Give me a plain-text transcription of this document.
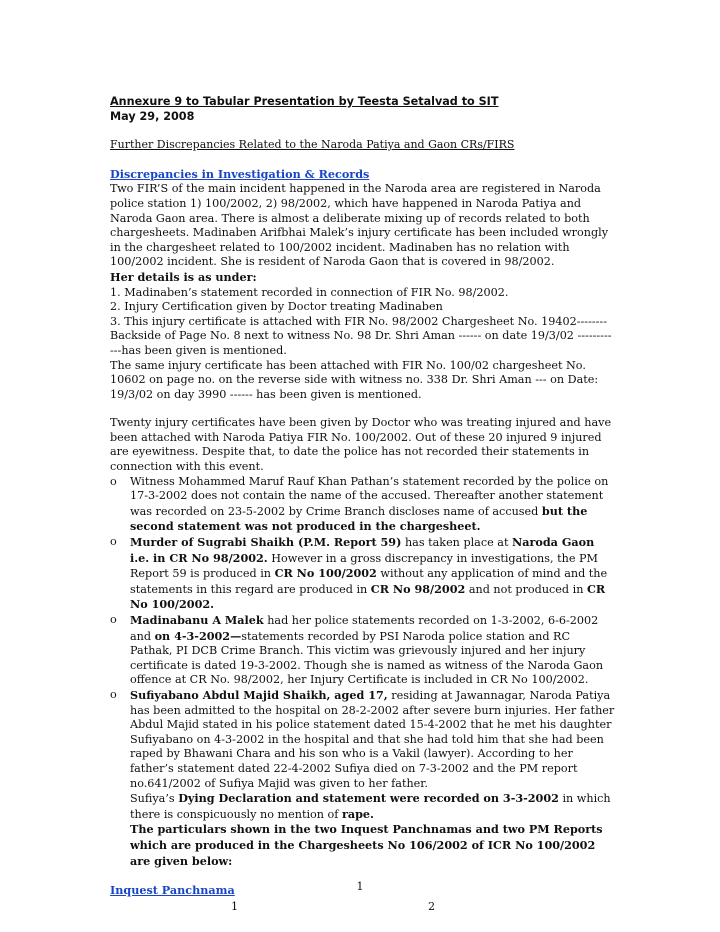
Annexure 9 to Tabular Presentation by Teesta Setalvad to SIT
May 29, 2008
Further Discrepancies Related to the Naroda Patiya and Gaon CRs/FIRS
Discrepancies in Investigation & Records

Two FIR’S of the main incident happened in the Naroda area are registered in Naroda police station 1) 100/2002, 2) 98/2002, which have happened in Naroda Patiya and Naroda Gaon area. There is almost a deliberate mixing up of records related to both chargesheets. Madinaben Arifbhai Malek’s injury certificate has been included wrongly in the chargesheet related to 100/2002 incident. Madinaben has no relation with 100/2002 incident. She is resident of Naroda Gaon that is covered in 98/2002.

Her details is as under:

1. Madinaben’s statement recorded in connection of FIR No. 98/2002.

2. Injury Certification given by Doctor treating Madinaben

3. This injury certificate is attached with FIR No. 98/2002 Chargesheet No. 19402-------- Backside of Page No. 8 next to witness No. 98 Dr. Shri Aman ------ on date 19/3/02 ------------has been given is mentioned.

The same injury certificate has been attached with FIR No. 100/02 chargesheet No. 10602 on page no. on the reverse side with witness no. 338 Dr. Shri Aman --- on Date: 19/3/02 on day 3990 ------ has been given is mentioned.

Twenty injury certificates have been given by Doctor who was treating injured and have been attached with Naroda Patiya FIR No. 100/2002. Out of these 20 injured 9 injured are eyewitness. Despite that, to date the police has not recorded their statements in connection with this event.

o Witness Mohammed Maruf Rauf Khan Pathan’s statement recorded by the police on 17-3-2002 does not contain the name of the accused. Thereafter another statement was recorded on 23-5-2002 by Crime Branch discloses name of accused but the second statement was not produced in the chargesheet.
o Murder of Sugrabi Shaikh (P.M. Report 59) has taken place at Naroda Gaon i.e. in CR No 98/2002. However in a gross discrepancy in investigations, the PM Report 59 is produced in CR No 100/2002 without any application of mind and the statements in this regard are produced in CR No 98/2002 and not produced in CR No 100/2002.
o Madinabanu A Malek had her police statements recorded on 1-3-2002, 6-6-2002 and on 4-3-2002—statements recorded by PSI Naroda police station and RC Pathak, PI DCB Crime Branch. This victim was grievously injured and her injury certificate is dated 19-3-2002. Though she is named as witness of the Naroda Gaon offence at CR No. 98/2002, her Injury Certificate is included in CR No 100/2002.
o Sufiyabano Abdul Majid Shaikh, aged 17, residing at Jawannagar, Naroda Patiya has been admitted to the hospital on 28-2-2002 after severe burn injuries. Her father Abdul Majid stated in his police statement dated 15-4-2002 that he met his daughter Sufiyabano on 4-3-2002 in the hospital and that she had told him that she had been raped by Bhawani Chara and his son who is a Vakil (lawyer). According to her father’s statement dated 22-4-2002 Sufiya died on 7-3-2002 and the PM report no.641/2002 of Sufiya Majid was given to her father.

Sufiya’s Dying Declaration and statement were recorded on 3-3-2002 in which there is conspicuously no mention of rape.

The particulars shown in the two Inquest Panchnamas and two PM Reports which are produced in the Chargesheets No 106/2002 of ICR No 100/2002 are given below:

Inquest Panchnama
1	2
1
